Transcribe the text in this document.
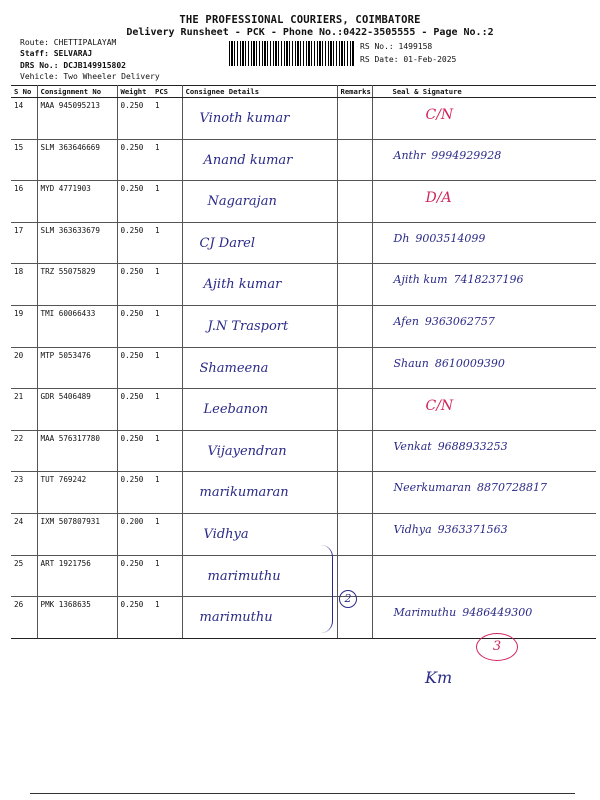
THE PROFESSIONAL COURIERS, COIMBATORE
Delivery Runsheet - PCK - Phone No.:0422-3505555 - Page No.:2
Route: CHETTIPALAYAM
Staff: SELVARAJ
DRS No.: DCJB149915802
Vehicle: Two Wheeler Delivery
RS No.: 1499158
RS Date: 01-Feb-2025
S No	Consignment No	Weight	PCS	Consignee Details	Remarks	Seal & Signature
14	MAA 945095213	0.250	1	Vinoth kumar		C/N
15	SLM 363646669	0.250	1	Anand kumar		Anthr 9994929928
16	MYD 4771903	0.250	1	Nagarajan		D/A
17	SLM 363633679	0.250	1	CJ Darel		Dh 9003514099
18	TRZ 55075829	0.250	1	Ajith kumar		Ajith kum 7418237196
19	TMI 60066433	0.250	1	J.N Trasport		Afen 9363062757
20	MTP 5053476	0.250	1	Shameena		Shaun 8610009390
21	GDR 5406489	0.250	1	Leebanon		C/N
22	MAA 576317780	0.250	1	Vijayendran		Venkat 9688933253
23	TUT 769242	0.250	1	marikumaran		Neerkumaran 8870728817
24	IXM 507807931	0.200	1	Vidhya		Vidhya 9363371563
25	ART 1921756	0.250	1	marimuthu		
26	PMK 1368635	0.250	1	marimuthu		Marimuthu 9486449300
2
3
Km
